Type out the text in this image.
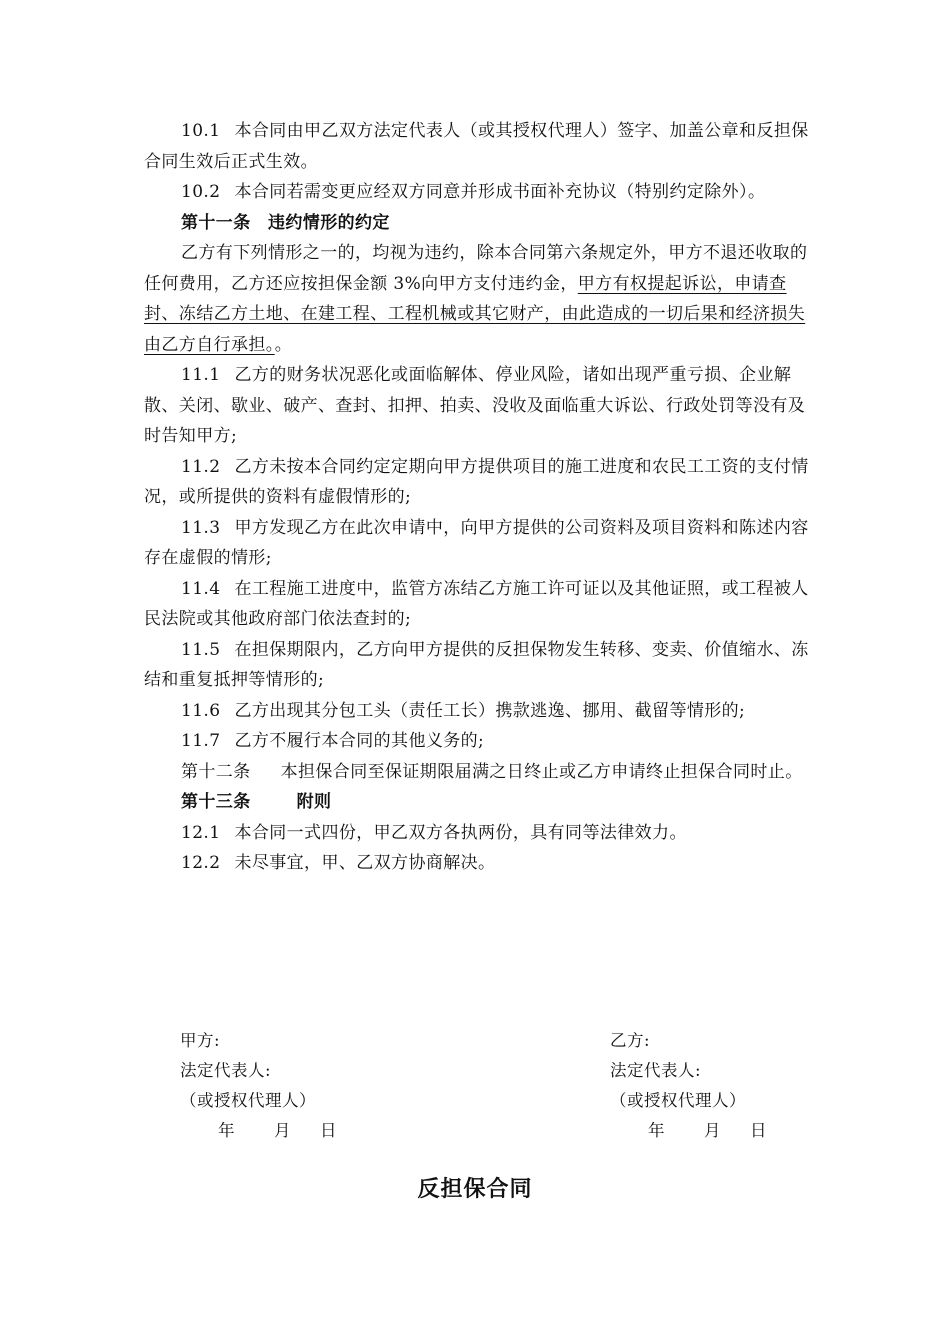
10.1 本合同由甲乙双方法定代表人（或其授权代理人）签字、加盖公章和反担保合同生效后正式生效。

10.2 本合同若需变更应经双方同意并形成书面补充协议（特别约定除外）。

第十一条　违约情形的约定

乙方有下列情形之一的，均视为违约，除本合同第六条规定外，甲方不退还收取的任何费用，乙方还应按担保金额 3%向甲方支付违约金，甲方有权提起诉讼，申请查封、冻结乙方土地、在建工程、工程机械或其它财产，由此造成的一切后果和经济损失由乙方自行承担。。

11.1 乙方的财务状况恶化或面临解体、停业风险，诸如出现严重亏损、企业解散、关闭、歇业、破产、查封、扣押、拍卖、没收及面临重大诉讼、行政处罚等没有及时告知甲方;

11.2 乙方未按本合同约定定期向甲方提供项目的施工进度和农民工工资的支付情况，或所提供的资料有虚假情形的;

11.3 甲方发现乙方在此次申请中，向甲方提供的公司资料及项目资料和陈述内容存在虚假的情形;

11.4 在工程施工进度中，监管方冻结乙方施工许可证以及其他证照，或工程被人民法院或其他政府部门依法查封的;

11.5 在担保期限内，乙方向甲方提供的反担保物发生转移、变卖、价值缩水、冻结和重复抵押等情形的;

11.6 乙方出现其分包工头（责任工长）携款逃逸、挪用、截留等情形的;

11.7 乙方不履行本合同的其他义务的;

第十二条 本担保合同至保证期限届满之日终止或乙方申请终止担保合同时止。

第十三条	附则

12.1 本合同一式四份，甲乙双方各执两份，具有同等法律效力。

12.2 未尽事宜，甲、乙双方协商解决。

甲方:

法定代表人:

（或授权代理人）

年 月 日

乙方:

法定代表人:

（或授权代理人）

年 月 日

反担保合同
